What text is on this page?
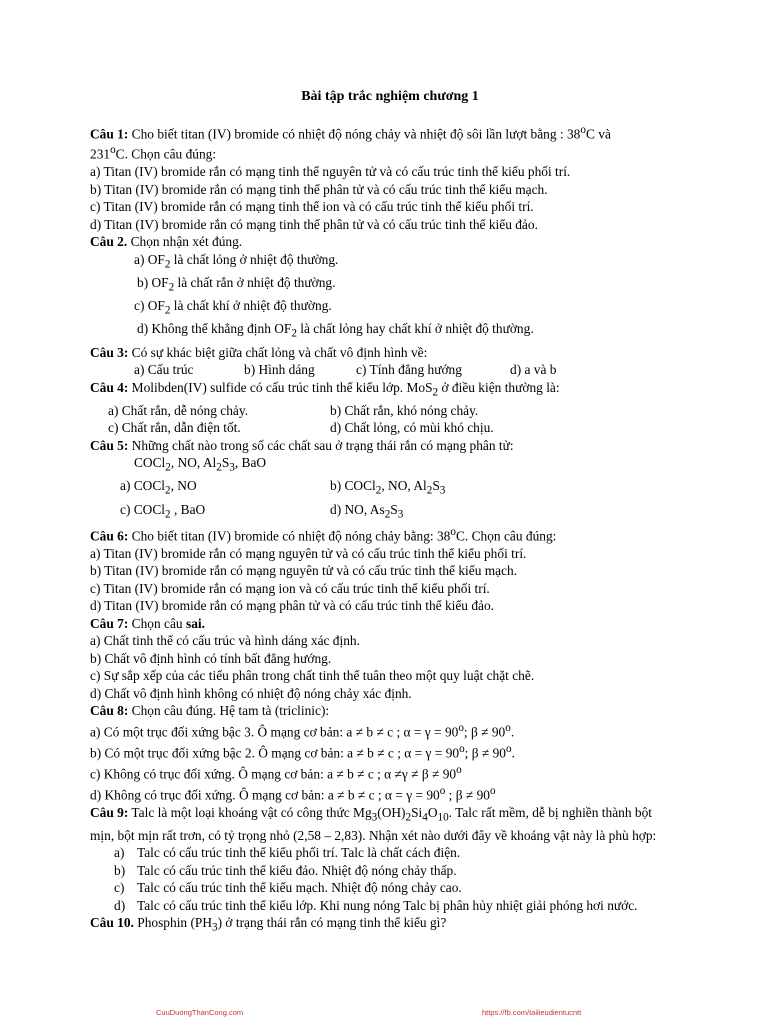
Bài tập trắc nghiệm chương 1
Câu 1: Cho biết titan (IV) bromide có nhiệt độ nóng chảy và nhiệt độ sôi lần lượt bằng : 38$^o$C và
231$^o$C. Chọn câu đúng:
a) Titan (IV) bromide rắn có mạng tinh thể nguyên tử và có cấu trúc tinh thể kiểu phối trí.
b) Titan (IV) bromide rắn có mạng tinh thể phân tử và có cấu trúc tinh thể kiểu mạch.
c) Titan (IV) bromide rắn có mạng tinh thể ion và có cấu trúc tinh thể kiểu phối trí.
d) Titan (IV) bromide rắn có mạng tinh thể phân tử và có cấu trúc tinh thể kiểu đảo.
Câu 2. Chọn nhận xét đúng.
a) $OF_2$ là chất lỏng ở nhiệt độ thường.
b) $OF_2$ là chất rắn ở nhiệt độ thường.
c) $OF_2$ là chất khí ở nhiệt độ thường.
d) Không thể khẳng định $OF_2$ là chất lỏng hay chất khí ở nhiệt độ thường.
Câu 3: Có sự khác biệt giữa chất lỏng và chất vô định hình về:
a) Cấu trúc	b) Hình dáng	c) Tính đẳng hướng	d) a và b
Câu 4: Molibden(IV) sulfide có cấu trúc tinh thể kiểu lớp. MoS$_2$ ở điều kiện thường là:
a) Chất rắn, dễ nóng chảy.	b) Chất rắn, khó nóng chảy.
c) Chất rắn, dẫn điện tốt.	d) Chất lỏng, có mùi khó chịu.
Câu 5: Những chất nào trong số các chất sau ở trạng thái rắn có mạng phân tử:
COCl$_2$, NO, $Al_2S_3$, BaO
a) COCl$_2$, NO	b) COCl$_2$, NO, $Al_2S_3$
c) COCl$_2$ , BaO	d) NO, $As_2S_3$
Câu 6: Cho biết titan (IV) bromide có nhiệt độ nóng chảy bằng: 38$^o$C. Chọn câu đúng:
a) Titan (IV) bromide rắn có mạng nguyên tử và có cấu trúc tinh thể kiểu phối trí.
b) Titan (IV) bromide rắn có mạng nguyên tử và có cấu trúc tinh thể kiểu mạch.
c) Titan (IV) bromide rắn có mạng ion và có cấu trúc tinh thể kiểu phối trí.
d) Titan (IV) bromide rắn có mạng phân tử và có cấu trúc tinh thể kiểu đảo.
Câu 7: Chọn câu sai.
a) Chất tinh thể có cấu trúc và hình dáng xác định.
b) Chất vô định hình có tính bất đẳng hướng.
c) Sự sắp xếp của các tiểu phân trong chất tinh thể tuân theo một quy luật chặt chẽ.
d) Chất vô định hình không có nhiệt độ nóng chảy xác định.
Câu 8: Chọn câu đúng. Hệ tam tà (triclinic):
a) Có một trục đối xứng bậc 3. Ô mạng cơ bản: a ≠ b ≠ c ; $\alpha = \gamma = 90^o$; $\beta \ne 90^o$.
b) Có một trục đối xứng bậc 2. Ô mạng cơ bản: a ≠ b ≠ c ; $\alpha = \gamma = 90^o$; $\beta \ne 90^o$.
c) Không có trục đối xứng. Ô mạng cơ bản: a ≠ b ≠ c ; $\alpha \ne\gamma \ne \beta \ne 90^o$
d) Không có trục đối xứng. Ô mạng cơ bản: a ≠ b ≠ c ; $\alpha = \gamma = 90^o$ ; $\beta \ne 90^o$
Câu 9: Talc là một loại khoáng vật có công thức $Mg_3(OH)_2Si_4O_{10}$. Talc rất mềm, dễ bị nghiền thành bột mịn, bột mịn rất trơn, có tỷ trọng nhỏ (2,58 – 2,83). Nhận xét nào dưới đây về khoáng vật này là phù hợp:
a) Talc có cấu trúc tinh thể kiểu phối trí. Talc là chất cách điện.
b) Talc có cấu trúc tinh thể kiểu đảo. Nhiệt độ nóng chảy thấp.
c) Talc có cấu trúc tinh thể kiểu mạch. Nhiệt độ nóng chảy cao.
d) Talc có cấu trúc tinh thể kiểu lớp. Khi nung nóng Talc bị phân hủy nhiệt giải phóng hơi nước.
Câu 10. Phosphin $(PH_3)$ ở trạng thái rắn có mạng tinh thể kiểu gì?
CuuDuongThanCong.com	https://fb.com/tailieudientucntt
